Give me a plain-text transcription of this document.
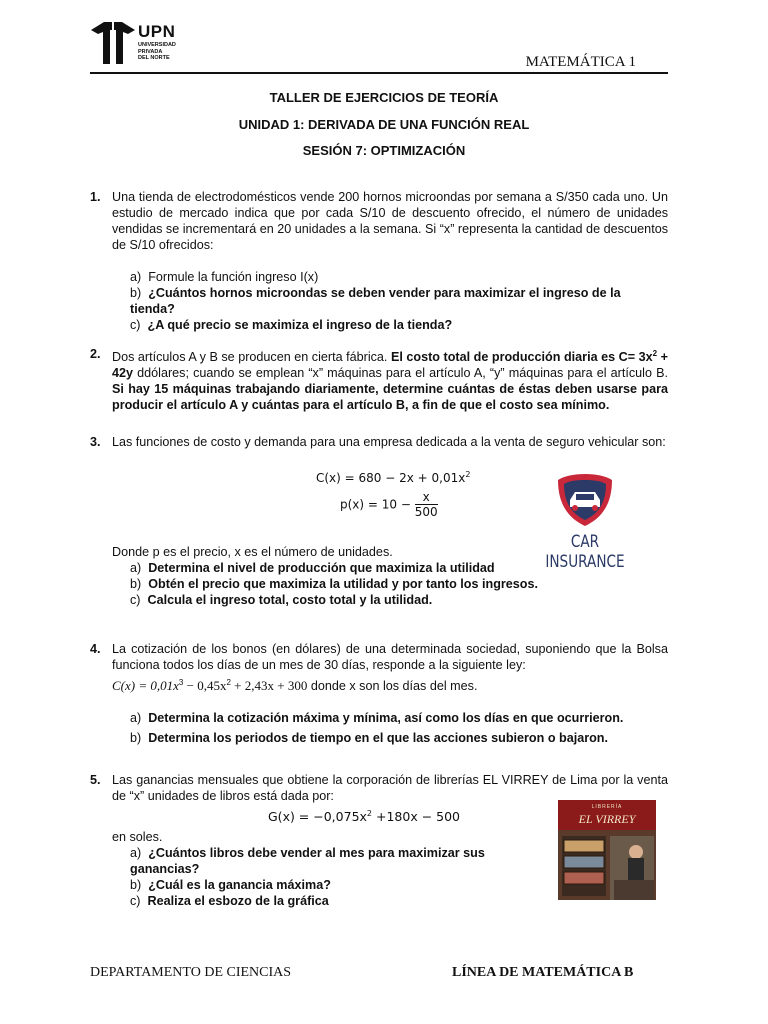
UPN
UNIVERSIDAD
PRIVADA
DEL NORTE	MATEMÁTICA 1
TALLER DE EJERCICIOS DE TEORÍA
UNIDAD 1: DERIVADA DE UNA FUNCIÓN REAL
SESIÓN 7: OPTIMIZACIÓN
1. Una tienda de electrodomésticos vende 200 hornos microondas por semana a S/350 cada uno. Un estudio de mercado indica que por cada S/10 de descuento ofrecido, el número de unidades vendidas se incrementará en 20 unidades a la semana. Si “x” representa la cantidad de descuentos de S/10 ofrecidos:

a) Formule la función ingreso I(x)
b) ¿Cuántos hornos microondas se deben vender para maximizar el ingreso de la tienda?
c) ¿A qué precio se maximiza el ingreso de la tienda?
2. Dos artículos A y B se producen en cierta fábrica. El costo total de producción diaria es $C= 3x^2 + 42y$ ddólares; cuando se emplean “x” máquinas para el artículo A, “y” máquinas para el artículo B. Si hay 15 máquinas trabajando diariamente, determine cuántas de éstas deben usarse para producir el artículo A y cuántas para el artículo B, a fin de que el costo sea mínimo.

3. Las funciones de costo y demanda para una empresa dedicada a la venta de seguro vehicular son:

$C(x) = 680 - 2x + 0,01x^2$
$p(x) = 10 - \frac{x}{500}$
CAR INSURANCE

Donde p es el precio, x es el número de unidades.

a) Determina el nivel de producción que maximiza la utilidad
b) Obtén el precio que maximiza la utilidad y por tanto los ingresos.
c) Calcula el ingreso total, costo total y la utilidad.
4. La cotización de los bonos (en dólares) de una determinada sociedad, suponiendo que la Bolsa funciona todos los días de un mes de 30 días, responde a la siguiente ley:

$C(x) = 0,01x^3 - 0,45x^2 + 2,43x + 300$ donde x son los días del mes.
a) Determina la cotización máxima y mínima, así como los días en que ocurrieron.
b) Determina los periodos de tiempo en el que las acciones subieron o bajaron.
5. Las ganancias mensuales que obtiene la corporación de librerías EL VIRREY de Lima por la venta de “x” unidades de libros está dada por:

$G(x) = -0,075x^2 +180x - 500$

en soles.

a) ¿Cuántos libros debe vender al mes para maximizar sus ganancias?
b) ¿Cuál es la ganancia máxima?
c) Realiza el esbozo de la gráfica
LIBRERÍA
EL VIRREY
DEPARTAMENTO DE CIENCIAS	LÍNEA DE MATEMÁTICA B
